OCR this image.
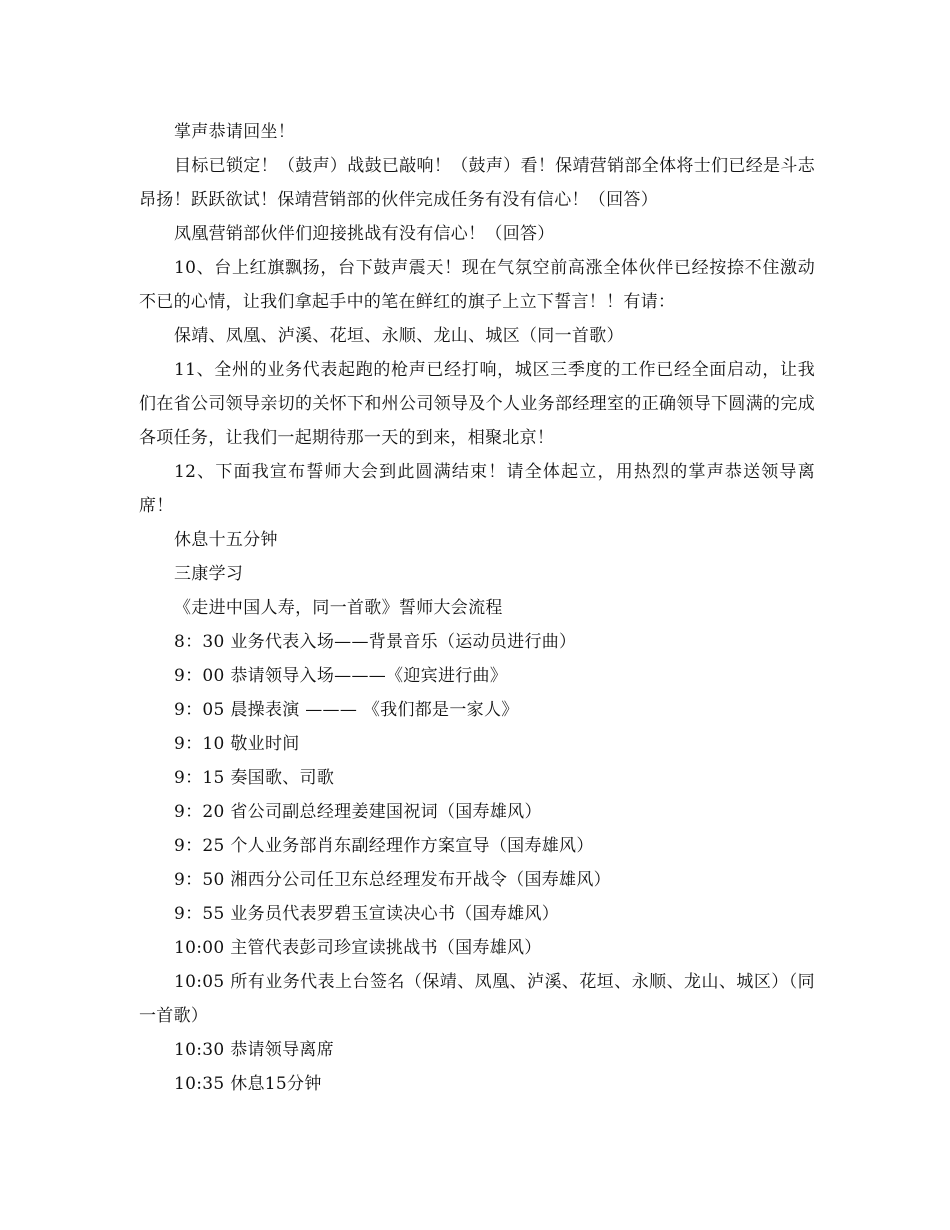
掌声恭请回坐！

目标已锁定！（鼓声）战鼓已敲响！（鼓声）看！保靖营销部全体将士们已经是斗志昂扬！跃跃欲试！保靖营销部的伙伴完成任务有没有信心！（回答）

凤凰营销部伙伴们迎接挑战有没有信心！（回答）

10、台上红旗飘扬，台下鼓声震天！现在气氛空前高涨全体伙伴已经按捺不住激动不已的心情，让我们拿起手中的笔在鲜红的旗子上立下誓言！！有请：

保靖、凤凰、泸溪、花垣、永顺、龙山、城区（同一首歌）

11、全州的业务代表起跑的枪声已经打响，城区三季度的工作已经全面启动，让我们在省公司领导亲切的关怀下和州公司领导及个人业务部经理室的正确领导下圆满的完成各项任务，让我们一起期待那一天的到来，相聚北京！

12、下面我宣布誓师大会到此圆满结束！请全体起立，用热烈的掌声恭送领导离席！

休息十五分钟

三康学习

《走进中国人寿，同一首歌》誓师大会流程

8：30 业务代表入场——背景音乐（运动员进行曲）

9：00 恭请领导入场———《迎宾进行曲》

9：05 晨操表演 ——— 《我们都是一家人》

9：10 敬业时间

9：15 奏国歌、司歌

9：20 省公司副总经理姜建国祝词（国寿雄风）

9：25 个人业务部肖东副经理作方案宣导（国寿雄风）

9：50 湘西分公司任卫东总经理发布开战令（国寿雄风）

9：55 业务员代表罗碧玉宣读决心书（国寿雄风）

10:00 主管代表彭司珍宣读挑战书（国寿雄风）

10:05 所有业务代表上台签名（保靖、凤凰、泸溪、花垣、永顺、龙山、城区）（同一首歌）

10:30 恭请领导离席

10:35 休息15分钟
